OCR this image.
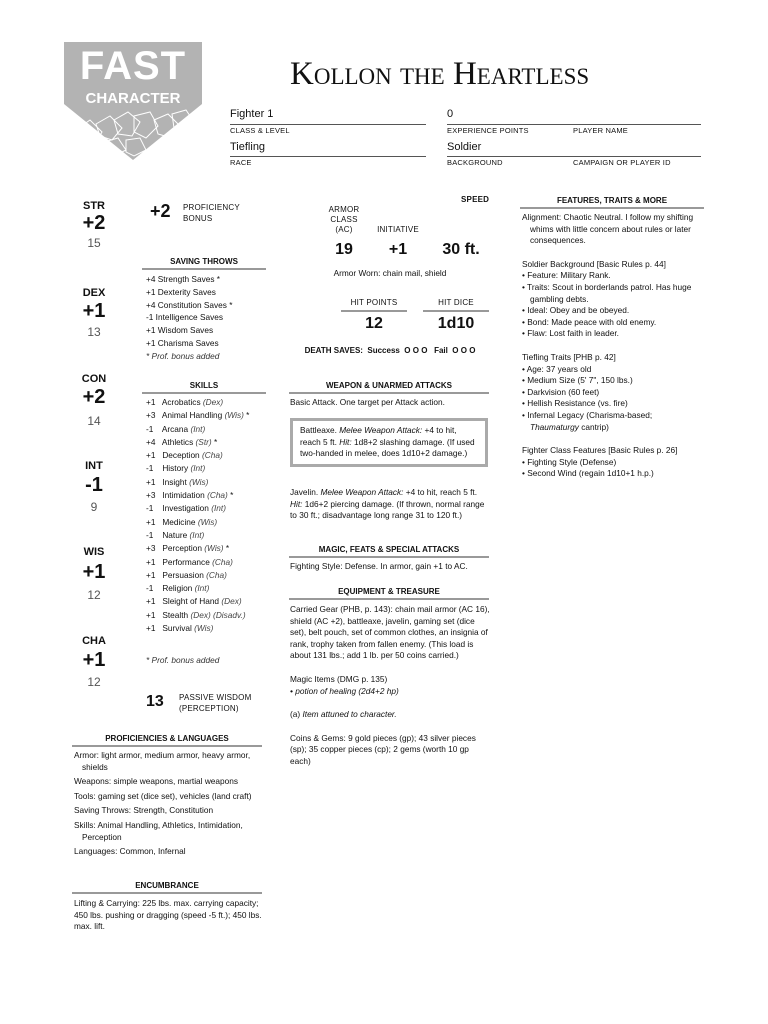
FAST
CHARACTER
Kollon the Heartless
Fighter 1
CLASS & LEVEL
0
EXPERIENCE POINTS	PLAYER NAME
Tiefling
RACE
Soldier
BACKGROUND	CAMPAIGN OR PLAYER ID
STR
+2
15
DEX
+1
13
CON
+2
14
INT
-1
9
WIS
+1
12
CHA
+1
12
+2 PROFICIENCY
BONUS
SAVING THROWS
+4 Strength Saves *
+1 Dexterity Saves
+4 Constitution Saves *
-1 Intelligence Saves
+1 Wisdom Saves
+1 Charisma Saves
* Prof. bonus added
SKILLS
+1 Acrobatics (Dex)
+3 Animal Handling (Wis) *
-1 Arcana (Int)
+4 Athletics (Str) *
+1 Deception (Cha)
-1 History (Int)
+1 Insight (Wis)
+3 Intimidation (Cha) *
-1 Investigation (Int)
+1 Medicine (Wis)
-1 Nature (Int)
+3 Perception (Wis) *
+1 Performance (Cha)
+1 Persuasion (Cha)
-1 Religion (Int)
+1 Sleight of Hand (Dex)
+1 Stealth (Dex) (Disadv.)
+1 Survival (Wis)
* Prof. bonus added
13 PASSIVE WISDOM
(PERCEPTION)
PROFICIENCIES & LANGUAGES
Armor: light armor, medium armor, heavy armor, shields
Weapons: simple weapons, martial weapons
Tools: gaming set (dice set), vehicles (land craft)
Saving Throws: Strength, Constitution
Skills: Animal Handling, Athletics, Intimidation, Perception
Languages: Common, Infernal
ENCUMBRANCE
Lifting & Carrying: 225 lbs. max. carrying capacity; 450 lbs. pushing or dragging (speed -5 ft.); 450 lbs. max. lift.
SPEED
ARMOR
CLASS
(AC)	INITIATIVE
19	+1	30 ft.
Armor Worn: chain mail, shield
HIT POINTS	HIT DICE
12	1d10
DEATH SAVES:  Success  O O O   Fail  O O O
WEAPON & UNARMED ATTACKS
Basic Attack. One target per Attack action.
Battleaxe. Melee Weapon Attack: +4 to hit, reach 5 ft. Hit: 1d8+2 slashing damage. (If used two-handed in melee, does 1d10+2 damage.)
Javelin. Melee Weapon Attack: +4 to hit, reach 5 ft. Hit: 1d6+2 piercing damage. (If thrown, normal range to 30 ft.; disadvantage long range 31 to 120 ft.)
MAGIC, FEATS & SPECIAL ATTACKS
Fighting Style: Defense. In armor, gain +1 to AC.
EQUIPMENT & TREASURE
Carried Gear (PHB, p. 143): chain mail armor (AC 16), shield (AC +2), battleaxe, javelin, gaming set (dice set), belt pouch, set of common clothes, an insignia of rank, trophy taken from fallen enemy. (This load is about 131 lbs.; add 1 lb. per 50 coins carried.)
Magic Items (DMG p. 135)
• potion of healing (2d4+2 hp)
(a) Item attuned to character.
Coins & Gems: 9 gold pieces (gp); 43 silver pieces (sp); 35 copper pieces (cp); 2 gems (worth 10 gp each)
FEATURES, TRAITS & MORE
Alignment: Chaotic Neutral. I follow my shifting whims with little concern about rules or later consequences.
Soldier Background [Basic Rules p. 44]
• Feature: Military Rank.
• Traits: Scout in borderlands patrol. Has huge gambling debts.
• Ideal: Obey and be obeyed.
• Bond: Made peace with old enemy.
• Flaw: Lost faith in leader.
Tiefling Traits [PHB p. 42]
• Age: 37 years old
• Medium Size (5' 7", 150 lbs.)
• Darkvision (60 feet)
• Hellish Resistance (vs. fire)
• Infernal Legacy (Charisma-based;
Thaumaturgy cantrip)
Fighter Class Features [Basic Rules p. 26]
• Fighting Style (Defense)
• Second Wind (regain 1d10+1 h.p.)
